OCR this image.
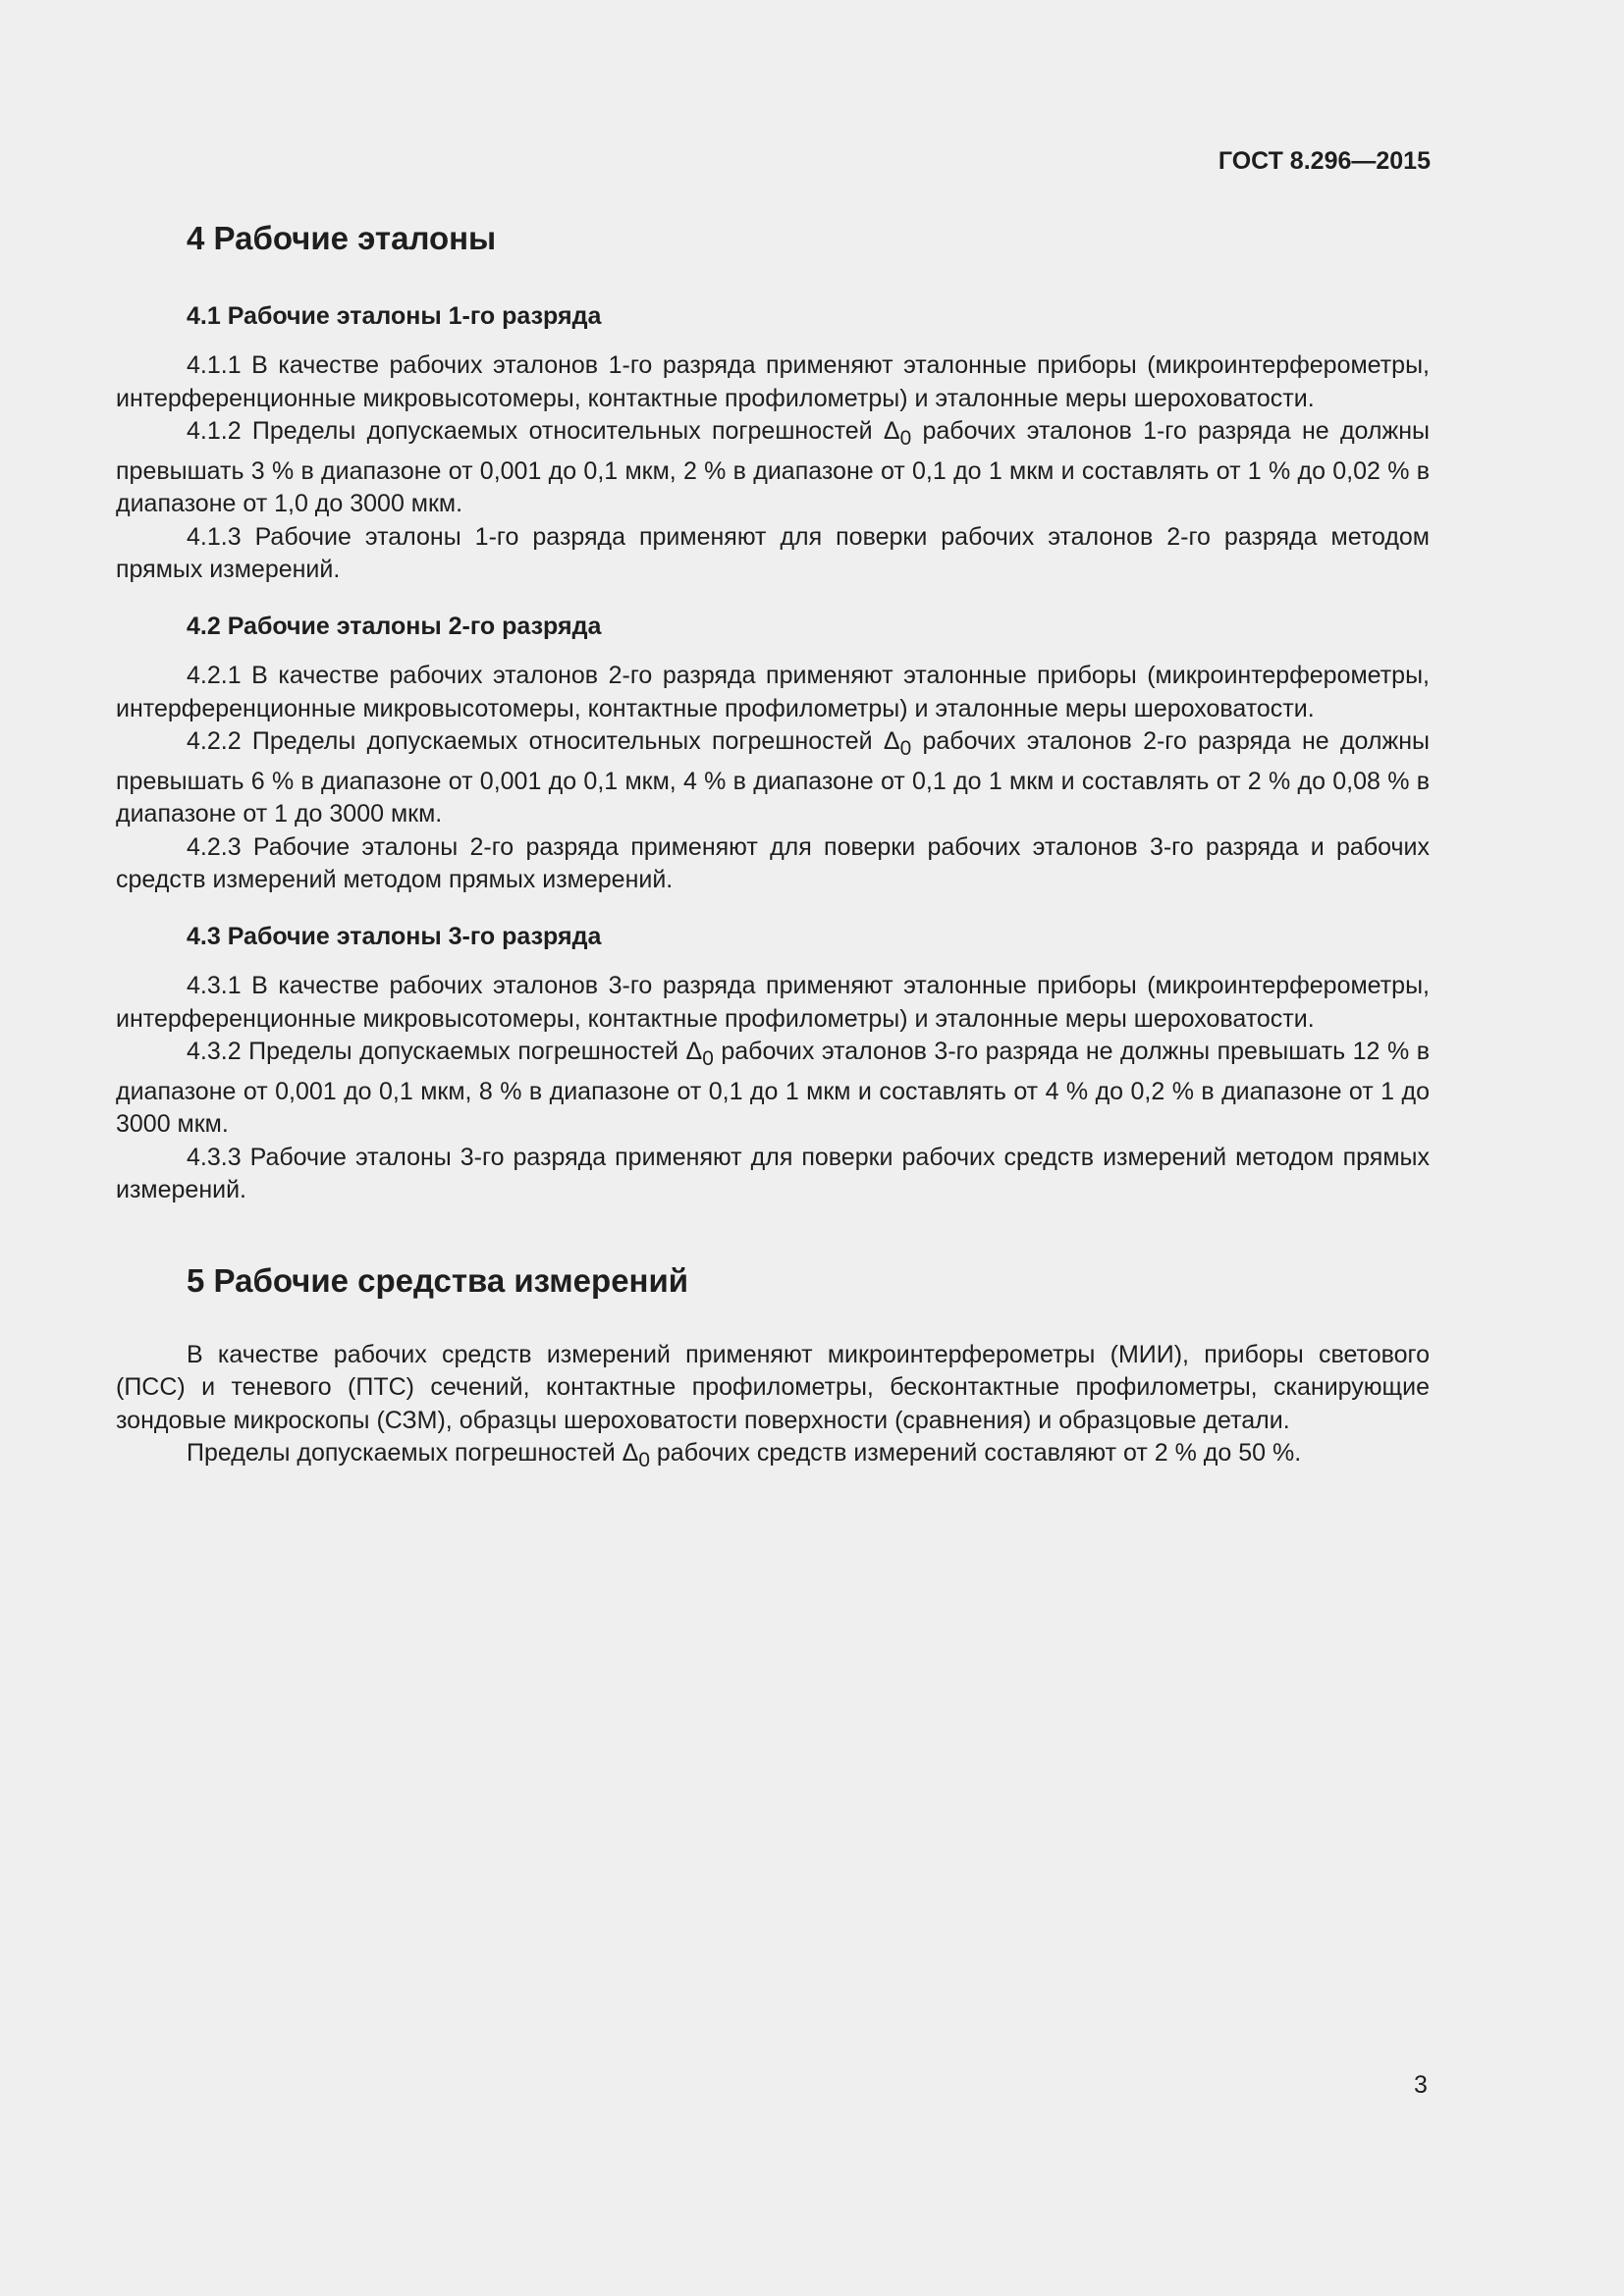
ГОСТ 8.296—2015
4 Рабочие эталоны
4.1 Рабочие эталоны 1-го разряда

4.1.1 В качестве рабочих эталонов 1-го разряда применяют эталонные приборы (микроинтерферометры, интерференционные микровысотомеры, контактные профилометры) и эталонные меры шероховатости.

4.1.2 Пределы допускаемых относительных погрешностей $\Delta_0$ рабочих эталонов 1-го разряда не должны превышать 3 % в диапазоне от 0,001 до 0,1 мкм, 2 % в диапазоне от 0,1 до 1 мкм и составлять от 1 % до 0,02 % в диапазоне от 1,0 до 3000 мкм.

4.1.3 Рабочие эталоны 1-го разряда применяют для поверки рабочих эталонов 2-го разряда методом прямых измерений.

4.2 Рабочие эталоны 2-го разряда

4.2.1 В качестве рабочих эталонов 2-го разряда применяют эталонные приборы (микроинтерферометры, интерференционные микровысотомеры, контактные профилометры) и эталонные меры шероховатости.

4.2.2 Пределы допускаемых относительных погрешностей $\Delta_0$ рабочих эталонов 2-го разряда не должны превышать 6 % в диапазоне от 0,001 до 0,1 мкм, 4 % в диапазоне от 0,1 до 1 мкм и составлять от 2 % до 0,08 % в диапазоне от 1 до 3000 мкм.

4.2.3 Рабочие эталоны 2-го разряда применяют для поверки рабочих эталонов 3-го разряда и рабочих средств измерений методом прямых измерений.

4.3 Рабочие эталоны 3-го разряда

4.3.1 В качестве рабочих эталонов 3-го разряда применяют эталонные приборы (микроинтерферометры, интерференционные микровысотомеры, контактные профилометры) и эталонные меры шероховатости.

4.3.2 Пределы допускаемых погрешностей $\Delta_0$ рабочих эталонов 3-го разряда не должны превышать 12 % в диапазоне от 0,001 до 0,1 мкм, 8 % в диапазоне от 0,1 до 1 мкм и составлять от 4 % до 0,2 % в диапазоне от 1 до 3000 мкм.

4.3.3 Рабочие эталоны 3-го разряда применяют для поверки рабочих средств измерений методом прямых измерений.

5 Рабочие средства измерений

В качестве рабочих средств измерений применяют микроинтерферометры (МИИ), приборы светового (ПСС) и теневого (ПТС) сечений, контактные профилометры, бесконтактные профилометры, сканирующие зондовые микроскопы (СЗМ), образцы шероховатости поверхности (сравнения) и образцовые детали.

Пределы допускаемых погрешностей $\Delta_0$ рабочих средств измерений составляют от 2 % до 50 %.

3
